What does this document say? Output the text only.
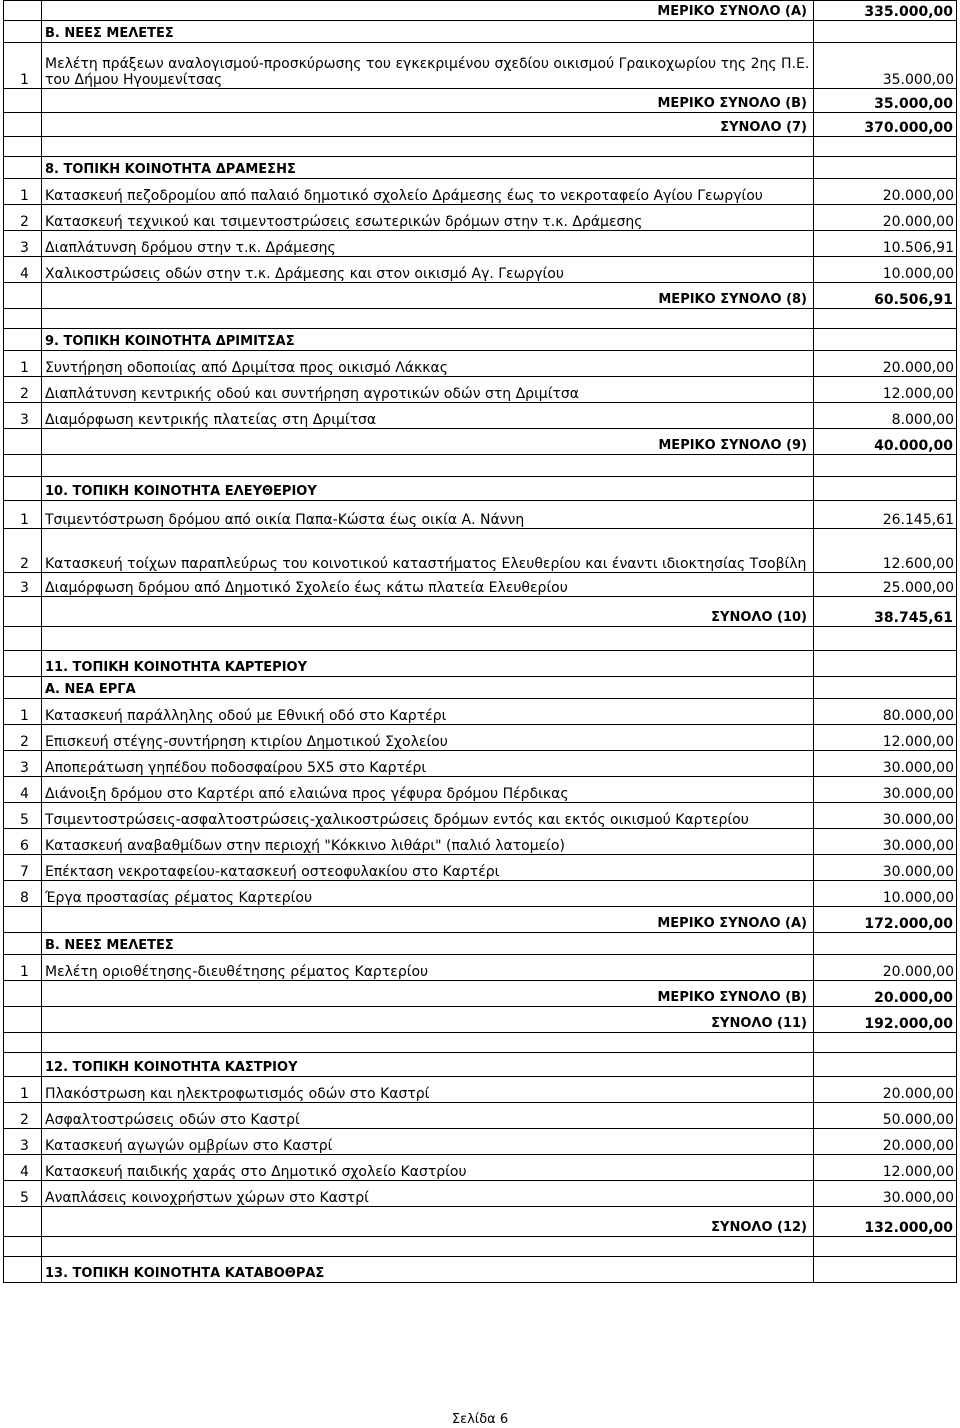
	ΜΕΡΙΚΟ ΣΥΝΟΛΟ (Α)	335.000,00
	Β. ΝΕΕΣ ΜΕΛΕΤΕΣ	
1	Μελέτη πράξεων αναλογισμού-προσκύρωσης του εγκεκριμένου σχεδίου οικισμού Γραικοχωρίου της 2ης Π.Ε. του Δήμου Ηγουμενίτσας	35.000,00
	ΜΕΡΙΚΟ ΣΥΝΟΛΟ (Β)	35.000,00
	ΣΥΝΟΛΟ (7)	370.000,00

	8. ΤΟΠΙΚΗ ΚΟΙΝΟΤΗΤΑ ΔΡΑΜΕΣΗΣ	
1	Κατασκευή πεζοδρομίου από παλαιό δημοτικό σχολείο Δράμεσης έως το νεκροταφείο Αγίου Γεωργίου	20.000,00
2	Κατασκευή τεχνικού και τσιμεντοστρώσεις εσωτερικών δρόμων στην τ.κ. Δράμεσης	20.000,00
3	Διαπλάτυνση δρόμου στην τ.κ. Δράμεσης	10.506,91
4	Χαλικοστρώσεις οδών στην τ.κ. Δράμεσης και στον οικισμό Αγ. Γεωργίου	10.000,00
	ΜΕΡΙΚΟ ΣΥΝΟΛΟ (8)	60.506,91

	9. ΤΟΠΙΚΗ ΚΟΙΝΟΤΗΤΑ ΔΡΙΜΙΤΣΑΣ	
1	Συντήρηση οδοποιίας από Δριμίτσα προς οικισμό Λάκκας	20.000,00
2	Διαπλάτυνση κεντρικής οδού και συντήρηση αγροτικών οδών στη Δριμίτσα	12.000,00
3	Διαμόρφωση κεντρικής πλατείας στη Δριμίτσα	8.000,00
	ΜΕΡΙΚΟ ΣΥΝΟΛΟ (9)	40.000,00

	10. ΤΟΠΙΚΗ ΚΟΙΝΟΤΗΤΑ ΕΛΕΥΘΕΡΙΟΥ	
1	Τσιμεντόστρωση δρόμου από οικία Παπα-Κώστα έως οικία Α. Νάννη	26.145,61
2	Κατασκευή τοίχων παραπλεύρως του κοινοτικού καταστήματος Ελευθερίου και έναντι ιδιοκτησίας Τσοβίλη	12.600,00
3	Διαμόρφωση δρόμου από Δημοτικό Σχολείο έως κάτω πλατεία Ελευθερίου	25.000,00
	ΣΥΝΟΛΟ (10)	38.745,61

	11. ΤΟΠΙΚΗ ΚΟΙΝΟΤΗΤΑ ΚΑΡΤΕΡΙΟΥ	
	Α. ΝΕΑ ΕΡΓΑ	
1	Κατασκευή παράλληλης οδού με Εθνική οδό στο Καρτέρι	80.000,00
2	Επισκευή στέγης-συντήρηση κτιρίου Δημοτικού Σχολείου	12.000,00
3	Αποπεράτωση γηπέδου ποδοσφαίρου 5Χ5 στο Καρτέρι	30.000,00
4	Διάνοιξη δρόμου στο Καρτέρι από ελαιώνα προς γέφυρα δρόμου Πέρδικας	30.000,00
5	Τσιμεντοστρώσεις-ασφαλτοστρώσεις-χαλικοστρώσεις δρόμων εντός και εκτός οικισμού Καρτερίου	30.000,00
6	Κατασκευή αναβαθμίδων στην περιοχή "Κόκκινο λιθάρι" (παλιό λατομείο)	30.000,00
7	Επέκταση νεκροταφείου-κατασκευή οστεοφυλακίου στο Καρτέρι	30.000,00
8	Έργα προστασίας ρέματος Καρτερίου	10.000,00
	ΜΕΡΙΚΟ ΣΥΝΟΛΟ (Α)	172.000,00
	Β. ΝΕΕΣ ΜΕΛΕΤΕΣ	
1	Μελέτη οριοθέτησης-διευθέτησης ρέματος Καρτερίου	20.000,00
	ΜΕΡΙΚΟ ΣΥΝΟΛΟ (Β)	20.000,00
	ΣΥΝΟΛΟ (11)	192.000,00

	12. ΤΟΠΙΚΗ ΚΟΙΝΟΤΗΤΑ ΚΑΣΤΡΙΟΥ	
1	Πλακόστρωση και ηλεκτροφωτισμός οδών στο Καστρί	20.000,00
2	Ασφαλτοστρώσεις οδών στο Καστρί	50.000,00
3	Κατασκευή αγωγών ομβρίων στο Καστρί	20.000,00
4	Κατασκευή παιδικής χαράς στο Δημοτικό σχολείο Καστρίου	12.000,00
5	Αναπλάσεις κοινοχρήστων χώρων στο Καστρί	30.000,00
	ΣΥΝΟΛΟ (12)	132.000,00

	13. ΤΟΠΙΚΗ ΚΟΙΝΟΤΗΤΑ ΚΑΤΑΒΟΘΡΑΣ	
Σελίδα 6
